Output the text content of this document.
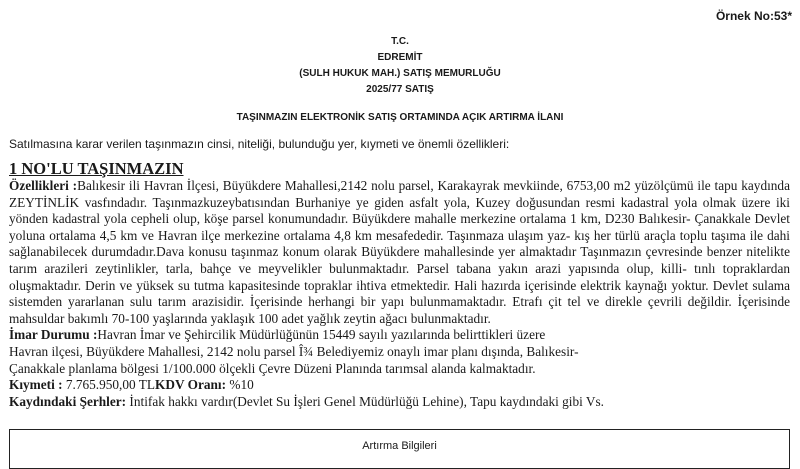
Örnek No:53*
T.C.
EDREMİT
(SULH HUKUK MAH.) SATIŞ MEMURLUĞU
2025/77 SATIŞ
TAŞINMAZIN ELEKTRONİK SATIŞ ORTAMINDA AÇIK ARTIRMA İLANI
Satılmasına karar verilen taşınmazın cinsi, niteliği, bulunduğu yer, kıymeti ve önemli özellikleri:
1 NO'LU TAŞINMAZIN

Özellikleri :Balıkesir ili Havran İlçesi, Büyükdere Mahallesi,2142 nolu parsel, Karakayrak mevkiinde, 6753,00 m2 yüzölçümü ile tapu kaydında ZEYTİNLİK vasfındadır. Taşınmazkuzeybatısından Burhaniye ye giden asfalt yola, Kuzey doğusundan resmi kadastral yola olmak üzere iki yönden kadastral yola cepheli olup, köşe parsel konumundadır. Büyükdere mahalle merkezine ortalama 1 km, D230 Balıkesir- Çanakkale Devlet yoluna ortalama 4,5 km ve Havran ilçe merkezine ortalama 4,8 km mesafededir. Taşınmaza ulaşım yaz- kış her türlü araçla toplu taşıma ile dahi sağlanabilecek durumdadır.Dava konusu taşınmaz konum olarak Büyükdere mahallesinde yer almaktadır Taşınmazın çevresinde benzer nitelikte tarım arazileri zeytinlikler, tarla, bahçe ve meyvelikler bulunmaktadır. Parsel tabana yakın arazi yapısında olup, killi- tınlı topraklardan oluşmaktadır. Derin ve yüksek su tutma kapasitesinde topraklar ihtiva etmektedir. Hali hazırda içerisinde elektrik kaynağı yoktur. Devlet sulama sistemden yararlanan sulu tarım arazisidir. İçerisinde herhangi bir yapı bulunmamaktadır. Etrafı çit tel ve direkle çevrili değildir. İçerisinde mahsuldar bakımlı 70-100 yaşlarında yaklaşık 100 adet yağlık zeytin ağacı bulunmaktadır.

İmar Durumu :Havran İmar ve Şehircilik Müdürlüğünün 15449 sayılı yazılarında belirttikleri üzere
Havran ilçesi, Büyükdere Mahallesi, 2142 nolu parsel Î¾ Belediyemiz onaylı imar planı dışında, Balıkesir-
Çanakkale planlama bölgesi 1/100.000 ölçekli Çevre Düzeni Planında tarımsal alanda kalmaktadır.
Kıymeti : 7.765.950,00 TLKDV Oranı: %10
Kaydındaki Şerhler: İntifak hakkı vardır(Devlet Su İşleri Genel Müdürlüğü Lehine), Tapu kaydındaki gibi Vs.
Artırma Bilgileri
